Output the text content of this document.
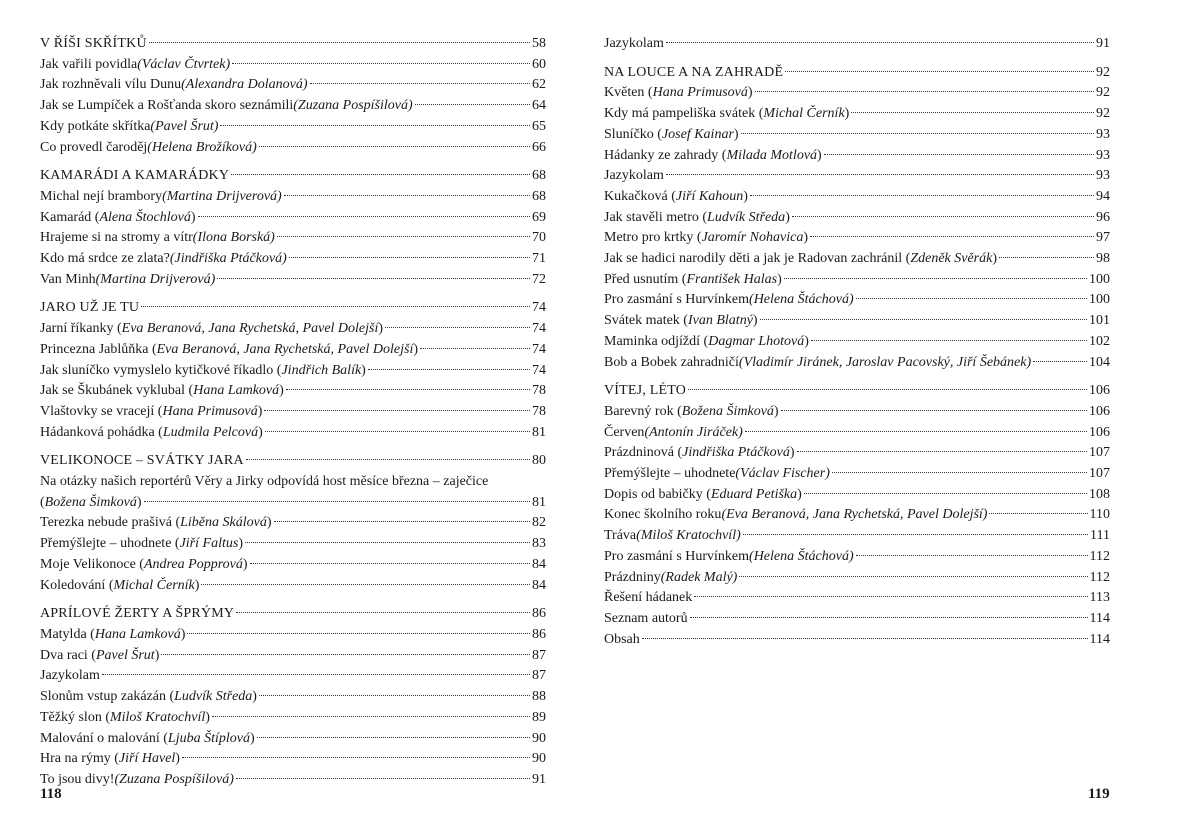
V ŘÍŠI SKŘÍTKŮ	58
Jak vařili povidla (Václav Čtvrtek)	60
Jak rozhněvali vílu Dunu (Alexandra Dolanová)	62
Jak se Lumpíček a Rošťanda skoro seznámili (Zuzana Pospíšilová)	64
Kdy potkáte skřítka (Pavel Šrut)	65
Co provedl čaroděj (Helena Brožíková)	66
KAMARÁDI A KAMARÁDKY	68
Michal nejí brambory (Martina Drijverová)	68
Kamarád ( Alena Štochlová )	69
Hrajeme si na stromy a vítr (Ilona Borská)	70
Kdo má srdce ze zlata? (Jindřiška Ptáčková)	71
Van Minh (Martina Drijverová)	72
JARO UŽ JE TU	74
Jarní říkanky ( Eva Beranová, Jana Rychetská, Pavel Dolejší )	74
Princezna Jablůňka ( Eva Beranová, Jana Rychetská, Pavel Dolejší )	74
Jak sluníčko vymyslelo kytičkové říkadlo ( Jindřich Balík )	74
Jak se Škubánek vyklubal ( Hana Lamková )	78
Vlaštovky se vracejí ( Hana Primusová )	78
Hádanková pohádka ( Ludmila Pelcová )	81
VELIKONOCE – SVÁTKY JARA	80
Na otázky našich reportérů Věry a Jirky odpovídá host měsíce března – zaječice
( Božena Šimková )	81
Terezka nebude prašivá ( Liběna Skálová )	82
Přemýšlejte – uhodnete ( Jiří Faltus )	83
Moje Velikonoce ( Andrea Popprová )	84
Koledování ( Michal Černík )	84
APRÍLOVÉ ŽERTY A ŠPRÝMY	86
Matylda ( Hana Lamková )	86
Dva raci ( Pavel Šrut )	87
Jazykolam	87
Slonům vstup zakázán ( Ludvík Středa )	88
Těžký slon ( Miloš Kratochvíl )	89
Malování o malování ( Ljuba Štíplová )	90
Hra na rýmy ( Jiří Havel )	90
To jsou divy! (Zuzana Pospíšilová)	91
Jazykolam	91
NA LOUCE A NA ZAHRADĚ	92
Květen ( Hana Primusová )	92
Kdy má pampeliška svátek ( Michal Černík )	92
Sluníčko ( Josef Kainar )	93
Hádanky ze zahrady ( Milada Motlová )	93
Jazykolam	93
Kukačková ( Jiří Kahoun )	94
Jak stavěli metro ( Ludvík Středa )	96
Metro pro krtky ( Jaromír Nohavica )	97
Jak se hadici narodily děti a jak je Radovan zachránil ( Zdeněk Svěrák )	98
Před usnutím ( František Halas )	100
Pro zasmání s Hurvínkem (Helena Štáchová)	100
Svátek matek ( Ivan Blatný )	101
Maminka odjíždí ( Dagmar Lhotová )	102
Bob a Bobek zahradničí (Vladimír Jiránek, Jaroslav Pacovský, Jiří Šebánek)	104
VÍTEJ, LÉTO	106
Barevný rok ( Božena Šimková )	106
Červen (Antonín Jiráček)	106
Prázdninová ( Jindřiška Ptáčková )	107
Přemýšlejte – uhodnete (Václav Fischer)	107
Dopis od babičky ( Eduard Petiška )	108
Konec školního roku (Eva Beranová, Jana Rychetská, Pavel Dolejší)	110
Tráva (Miloš Kratochvíl)	111
Pro zasmání s Hurvínkem (Helena Štáchová)	112
Prázdniny (Radek Malý)	112
Řešení hádanek	113
Seznam autorů	114
Obsah	114
118	119
